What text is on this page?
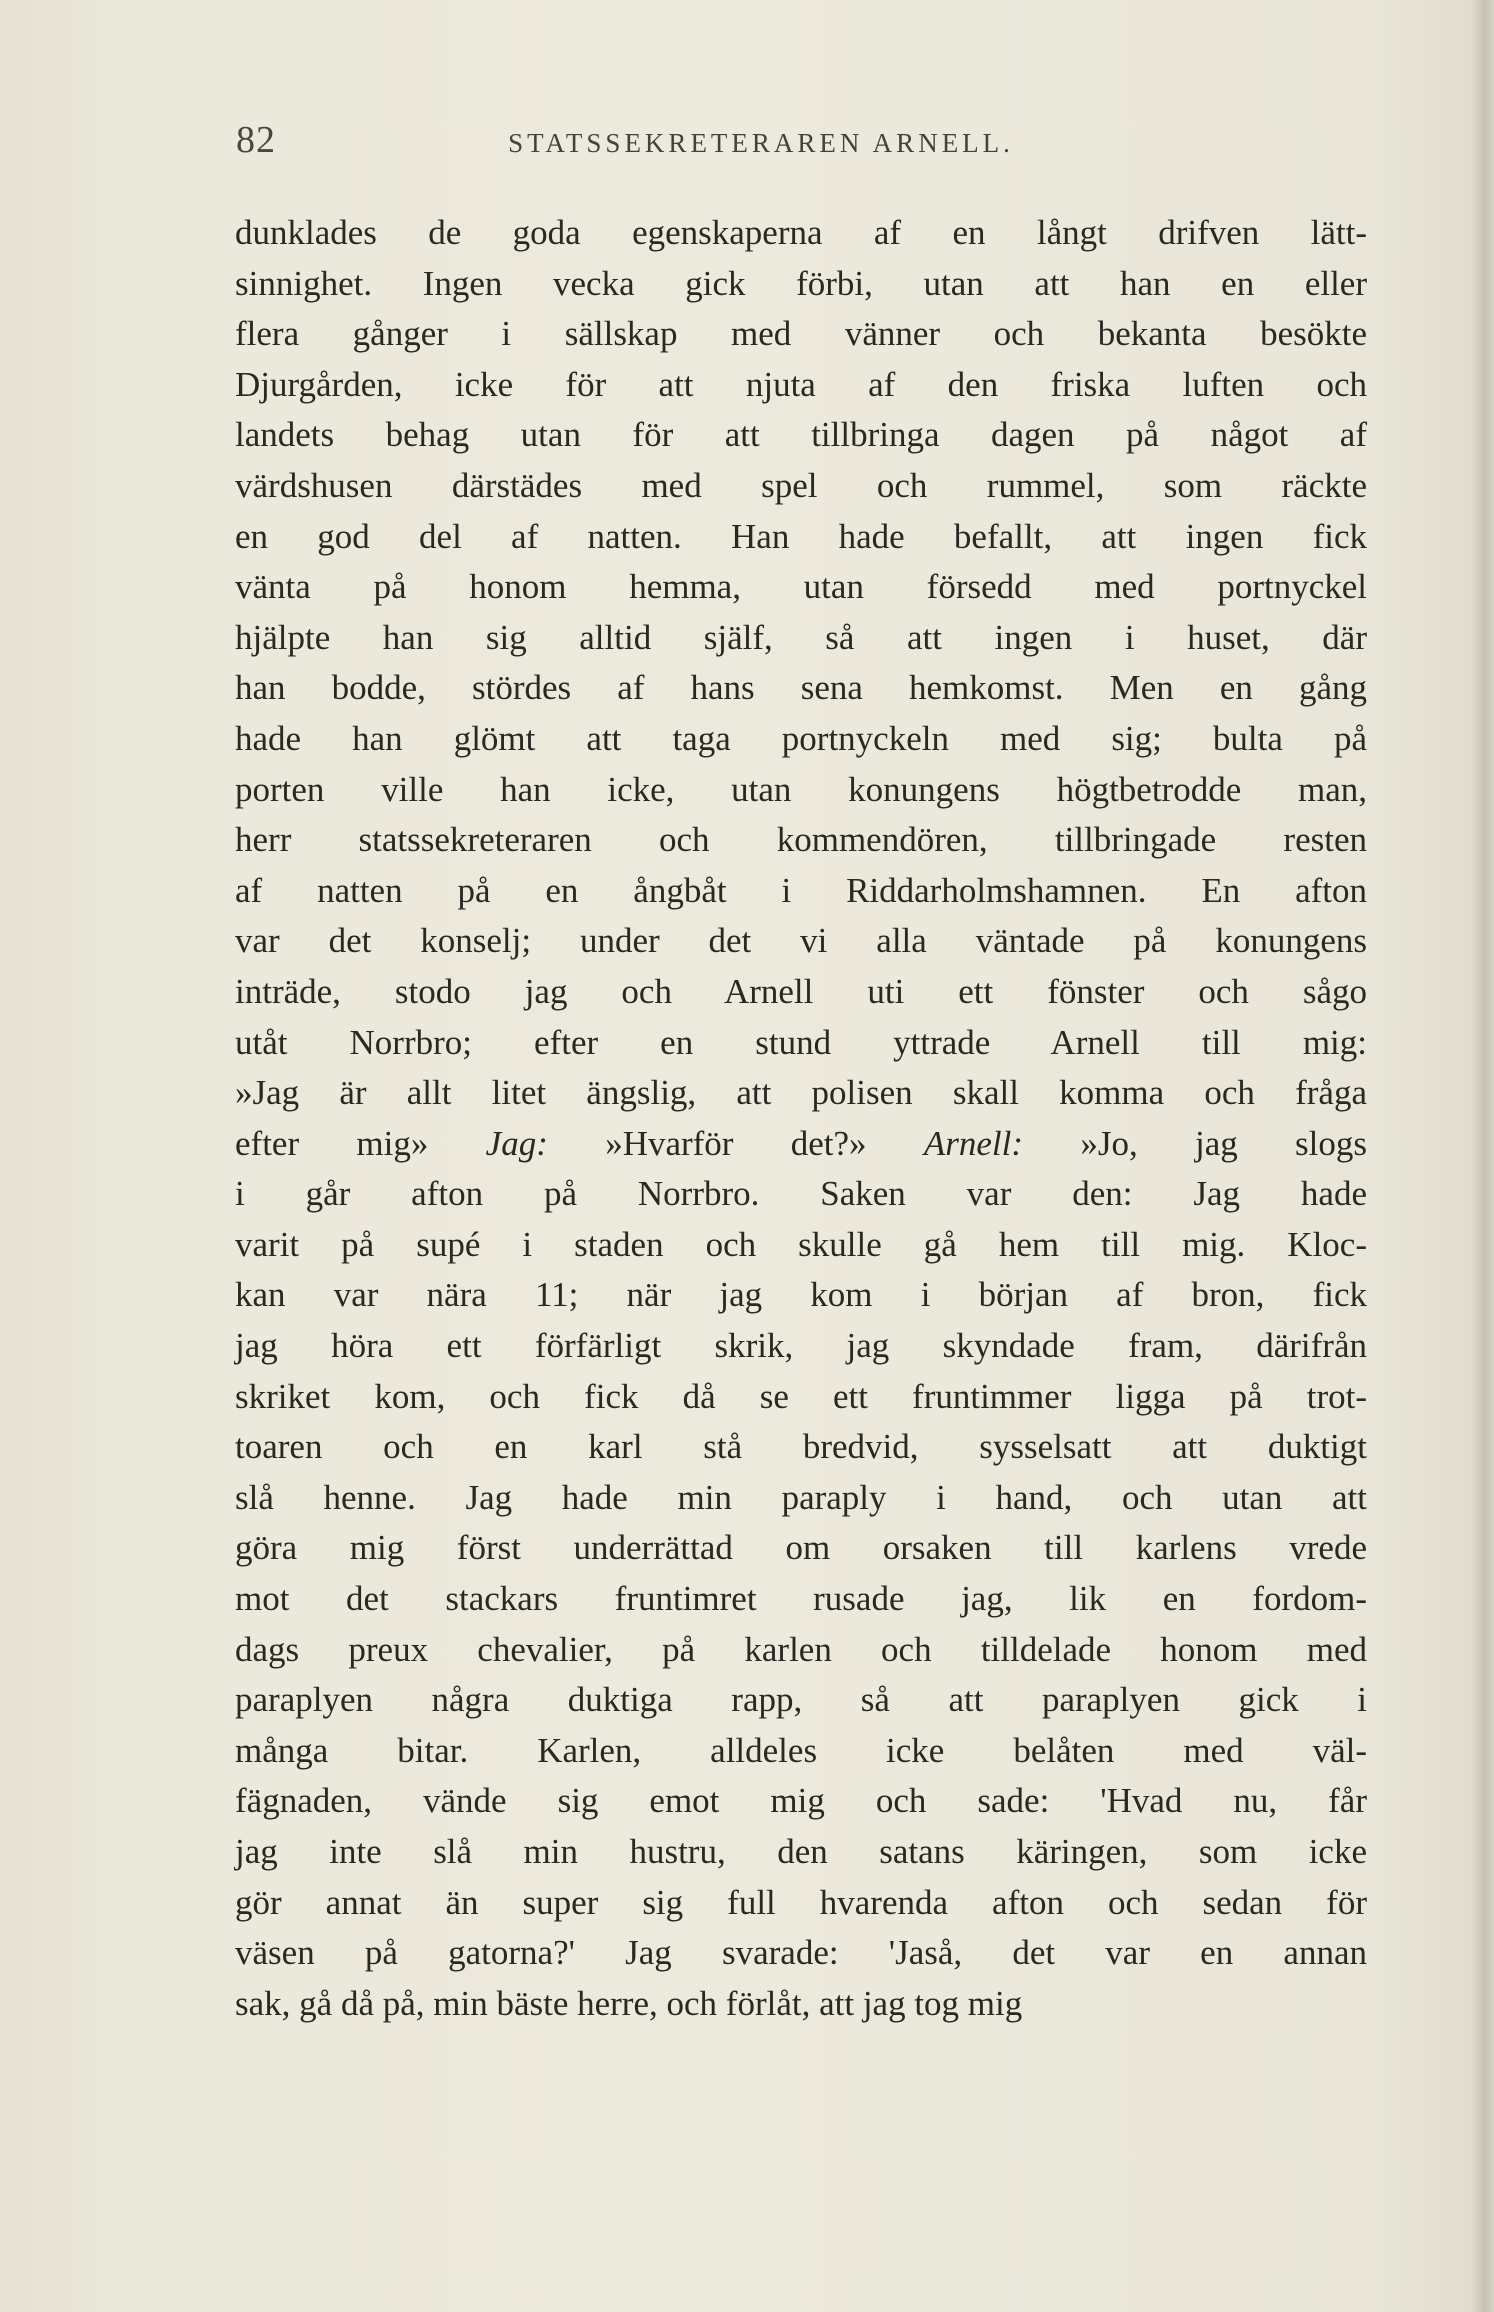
82	STATSSEKRETERAREN ARNELL.
dunklades de goda egenskaperna af en långt drifven lätt-
sinnighet. Ingen vecka gick förbi, utan att han en eller
flera gånger i sällskap med vänner och bekanta besökte
Djurgården, icke för att njuta af den friska luften och
landets behag utan för att tillbringa dagen på något af
värdshusen därstädes med spel och rummel, som räckte
en god del af natten. Han hade befallt, att ingen fick
vänta på honom hemma, utan försedd med portnyckel
hjälpte han sig alltid själf, så att ingen i huset, där
han bodde, stördes af hans sena hemkomst. Men en gång
hade han glömt att taga portnyckeln med sig; bulta på
porten ville han icke, utan konungens högtbetrodde man,
herr statssekreteraren och kommendören, tillbringade resten
af natten på en ångbåt i Riddarholmshamnen. En afton
var det konselj; under det vi alla väntade på konungens
inträde, stodo jag och Arnell uti ett fönster och sågo
utåt Norrbro; efter en stund yttrade Arnell till mig:
»Jag är allt litet ängslig, att polisen skall komma och fråga
efter mig» Jag: »Hvarför det?» Arnell: »Jo, jag slogs
i går afton på Norrbro. Saken var den: Jag hade
varit på supé i staden och skulle gå hem till mig. Kloc-
kan var nära 11; när jag kom i början af bron, fick
jag höra ett förfärligt skrik, jag skyndade fram, därifrån
skriket kom, och fick då se ett fruntimmer ligga på trot-
toaren och en karl stå bredvid, sysselsatt att duktigt
slå henne. Jag hade min paraply i hand, och utan att
göra mig först underrättad om orsaken till karlens vrede
mot det stackars fruntimret rusade jag, lik en fordom-
dags preux chevalier, på karlen och tilldelade honom med
paraplyen några duktiga rapp, så att paraplyen gick i
många bitar. Karlen, alldeles icke belåten med väl-
fägnaden, vände sig emot mig och sade: 'Hvad nu, får
jag inte slå min hustru, den satans käringen, som icke
gör annat än super sig full hvarenda afton och sedan för
väsen på gatorna?' Jag svarade: 'Jaså, det var en annan
sak, gå då på, min bäste herre, och förlåt, att jag tog mig
